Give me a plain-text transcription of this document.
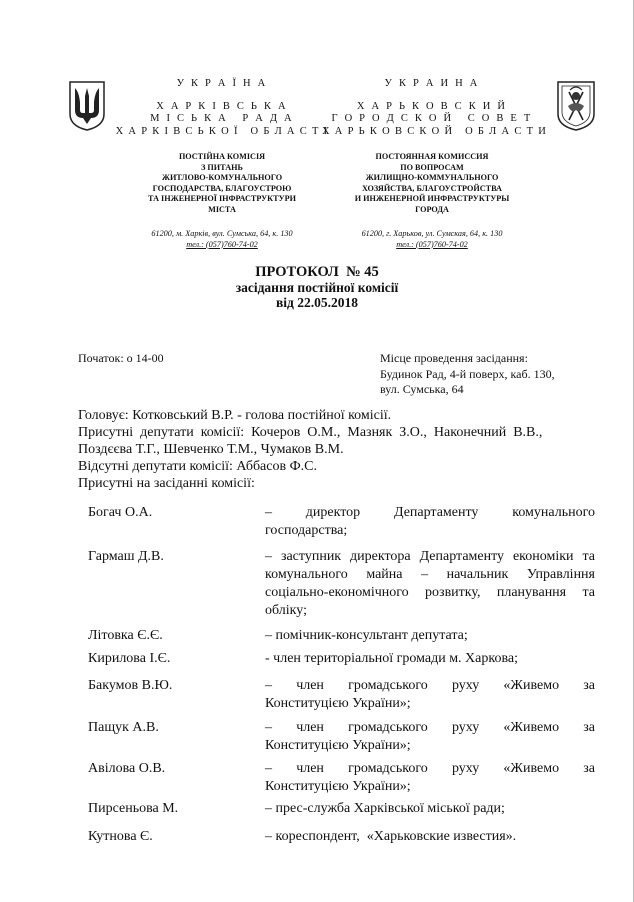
У К Р А Ї Н А
Х А Р К І В С Ь К А
М І С Ь К А   Р А Д А
Х А Р К І В С Ь К О Ї   О Б Л А С Т І
ПОСТІЙНА КОМІСІЯ
З ПИТАНЬ
ЖИТЛОВО-КОМУНАЛЬНОГО
ГОСПОДАРСТВА, БЛАГОУСТРОЮ
ТА ІНЖЕНЕРНОЇ ІНФРАСТРУКТУРИ
МІСТА
61200, м. Харків, вул. Сумська, 64, к. 130
тел.: (057)760-74-02
У К Р А И Н А
Х А Р Ь К О В С К И Й
Г О Р О Д С К О Й   С О В Е Т
Х А Р Ь К О В С К О Й   О Б Л А С Т И
ПОСТОЯННАЯ КОМИССИЯ
ПО ВОПРОСАМ
ЖИЛИЩНО-КОММУНАЛЬНОГО
ХОЗЯЙСТВА, БЛАГОУСТРОЙСТВА
И ИНЖЕНЕРНОЙ ИНФРАСТРУКТУРЫ
ГОРОДА
61200, г. Харьков, ул. Сумская, 64, к. 130
тел.: (057)760-74-02
ПРОТОКОЛ  № 45
засідання постійної комісії
від 22.05.2018
Початок: о 14-00	Місце проведення засідання:
Будинок Рад, 4-й поверх, каб. 130,
вул. Сумська, 64
Головує: Котковський В.Р. - голова постійної комісії.
Присутні  депутати  комісії:  Кочеров  О.М.,  Мазняк  З.О.,  Наконечний  В.В.,
Поздєєва Т.Г., Шевченко Т.М., Чумаков В.М.
Відсутні депутати комісії: Аббасов Ф.С.
Присутні на засіданні комісії:
Богач О.А.	–  директор  Департаменту  комунального господарства;
Гармаш Д.В.	– заступник директора Департаменту економіки та комунального майна – начальник Управління соціально-економічного розвитку, планування та обліку;
Літовка Є.Є.	– помічник-консультант депутата;
Кирилова І.Є.	- член територіальної громади м. Харкова;
Бакумов В.Ю.	–  член  громадського  руху  «Живемо  за Конституцією України»;
Пащук А.В.	–  член  громадського  руху  «Живемо  за Конституцією України»;
Авілова О.В.	–  член  громадського  руху  «Живемо  за Конституцією України»;
Пирсеньова М.	– прес-служба Харківської міської ради;
Кутнова Є.	– кореспондент,  «Харьковские известия».
